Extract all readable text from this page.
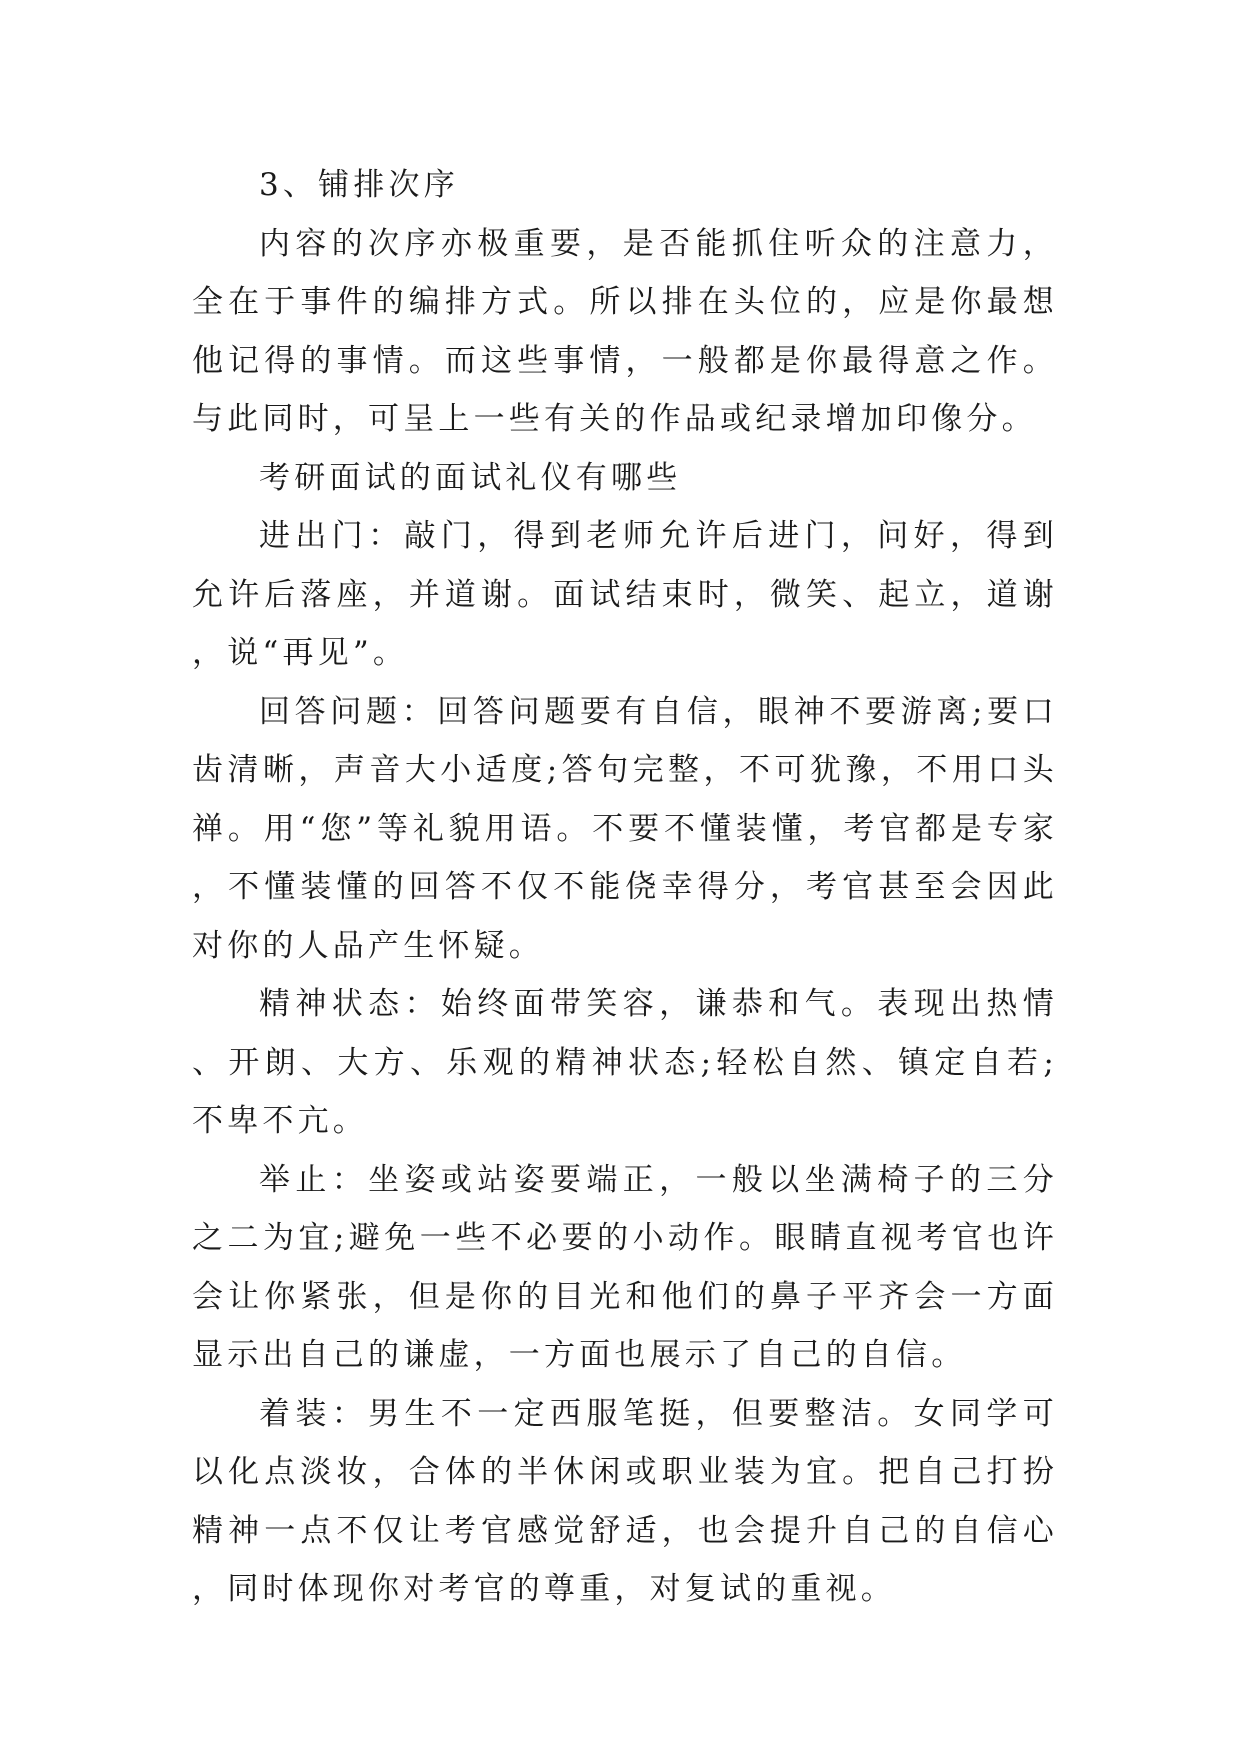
3、铺排次序

内容的次序亦极重要，是否能抓住听众的注意力，全在于事件的编排方式。所以排在头位的，应是你最想他记得的事情。而这些事情，一般都是你最得意之作。与此同时，可呈上一些有关的作品或纪录增加印像分。

考研面试的面试礼仪有哪些

进出门：敲门，得到老师允许后进门，问好，得到允许后落座，并道谢。面试结束时，微笑、起立，道谢，说“再见”。

回答问题：回答问题要有自信，眼神不要游离;要口齿清晰，声音大小适度;答句完整，不可犹豫，不用口头禅。用“您”等礼貌用语。不要不懂装懂，考官都是专家，不懂装懂的回答不仅不能侥幸得分，考官甚至会因此对你的人品产生怀疑。

精神状态：始终面带笑容，谦恭和气。表现出热情、开朗、大方、乐观的精神状态;轻松自然、镇定自若;不卑不亢。

举止：坐姿或站姿要端正，一般以坐满椅子的三分之二为宜;避免一些不必要的小动作。眼睛直视考官也许会让你紧张，但是你的目光和他们的鼻子平齐会一方面显示出自己的谦虚，一方面也展示了自己的自信。

着装：男生不一定西服笔挺，但要整洁。女同学可以化点淡妆，合体的半休闲或职业装为宜。把自己打扮精神一点不仅让考官感觉舒适，也会提升自己的自信心，同时体现你对考官的尊重，对复试的重视。
